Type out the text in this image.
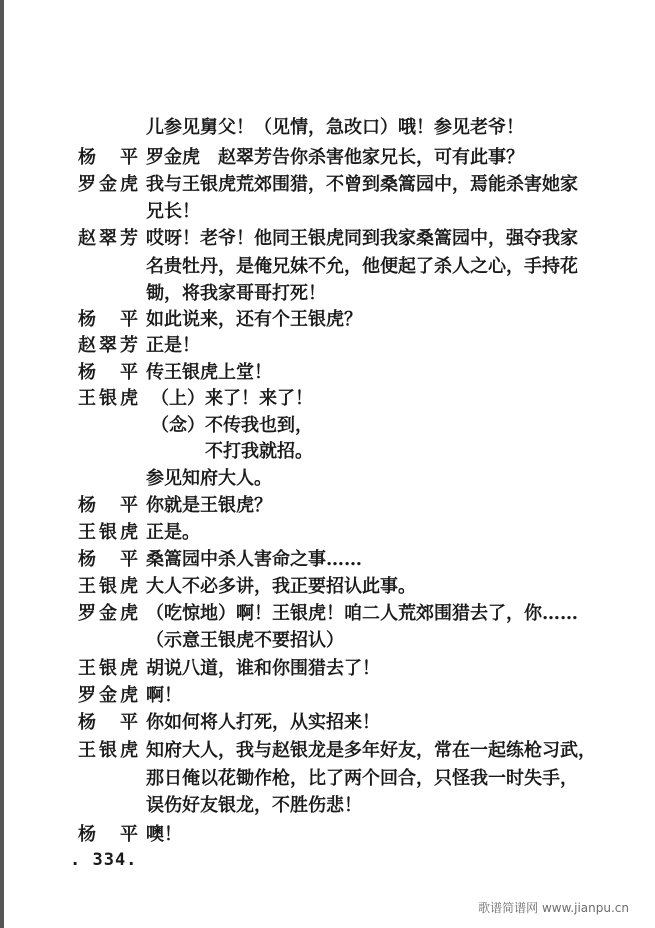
儿参见舅父！（见情，急改口）哦！参见老爷！
杨 平 罗金虎　赵翠芳告你杀害他家兄长，可有此事？
罗金虎 我与王银虎荒郊围猎，不曾到桑篙园中，焉能杀害她家
兄长！
赵翠芳 哎呀！老爷！他同王银虎同到我家桑篙园中，强夺我家
名贵牡丹，是俺兄妹不允，他便起了杀人之心，手持花
锄，将我家哥哥打死！
杨 平 如此说来，还有个王银虎？
赵翠芳 正是！
杨 平 传王银虎上堂！
王银虎 （上）来了！来了！
（念）不传我也到，
不打我就招。
参见知府大人。
杨 平 你就是王银虎？
王银虎 正是。
杨 平 桑篙园中杀人害命之事……
王银虎 大人不必多讲，我正要招认此事。
罗金虎 （吃惊地）啊！王银虎！咱二人荒郊围猎去了，你……
（示意王银虎不要招认）
王银虎 胡说八道，谁和你围猎去了！
罗金虎 啊！
杨 平 你如何将人打死，从实招来！
王银虎 知府大人，我与赵银龙是多年好友，常在一起练枪习武，
那日俺以花锄作枪，比了两个回合，只怪我一时失手，
误伤好友银龙，不胜伤悲！
杨 平 噢！
. 334.
歌谱简谱网 www.jianpu.cn
